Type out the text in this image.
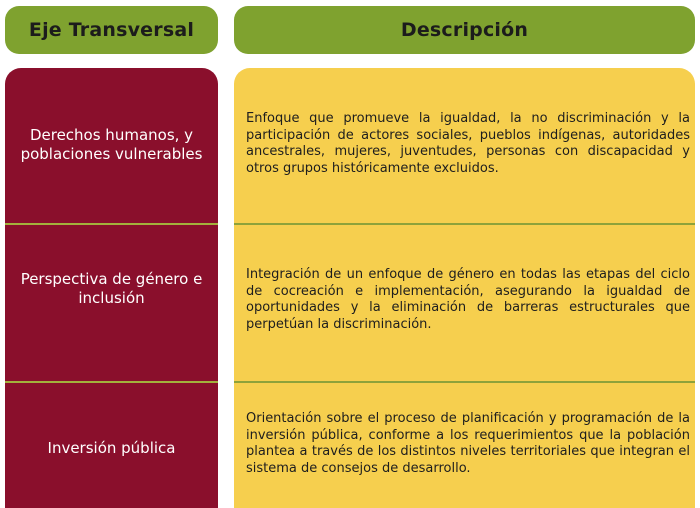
Eje Transversal	Descripción
Derechos humanos, y poblaciones vulnerables
Perspectiva de género e inclusión
Inversión pública
Enfoque que promueve la igualdad, la no discriminación y la participación de actores sociales, pueblos indígenas, autoridades ancestrales, mujeres, juventudes, personas con discapacidad y otros grupos históricamente excluidos.
Integración de un enfoque de género en todas las etapas del ciclo de cocreación e implementación, asegurando la igualdad de oportunidades y la eliminación de barreras estructurales que perpetúan la discriminación.
Orientación sobre el proceso de planificación y programación de la inversión pública, conforme a los requerimientos que la población plantea a través de los distintos niveles territoriales que integran el sistema de consejos de desarrollo.
